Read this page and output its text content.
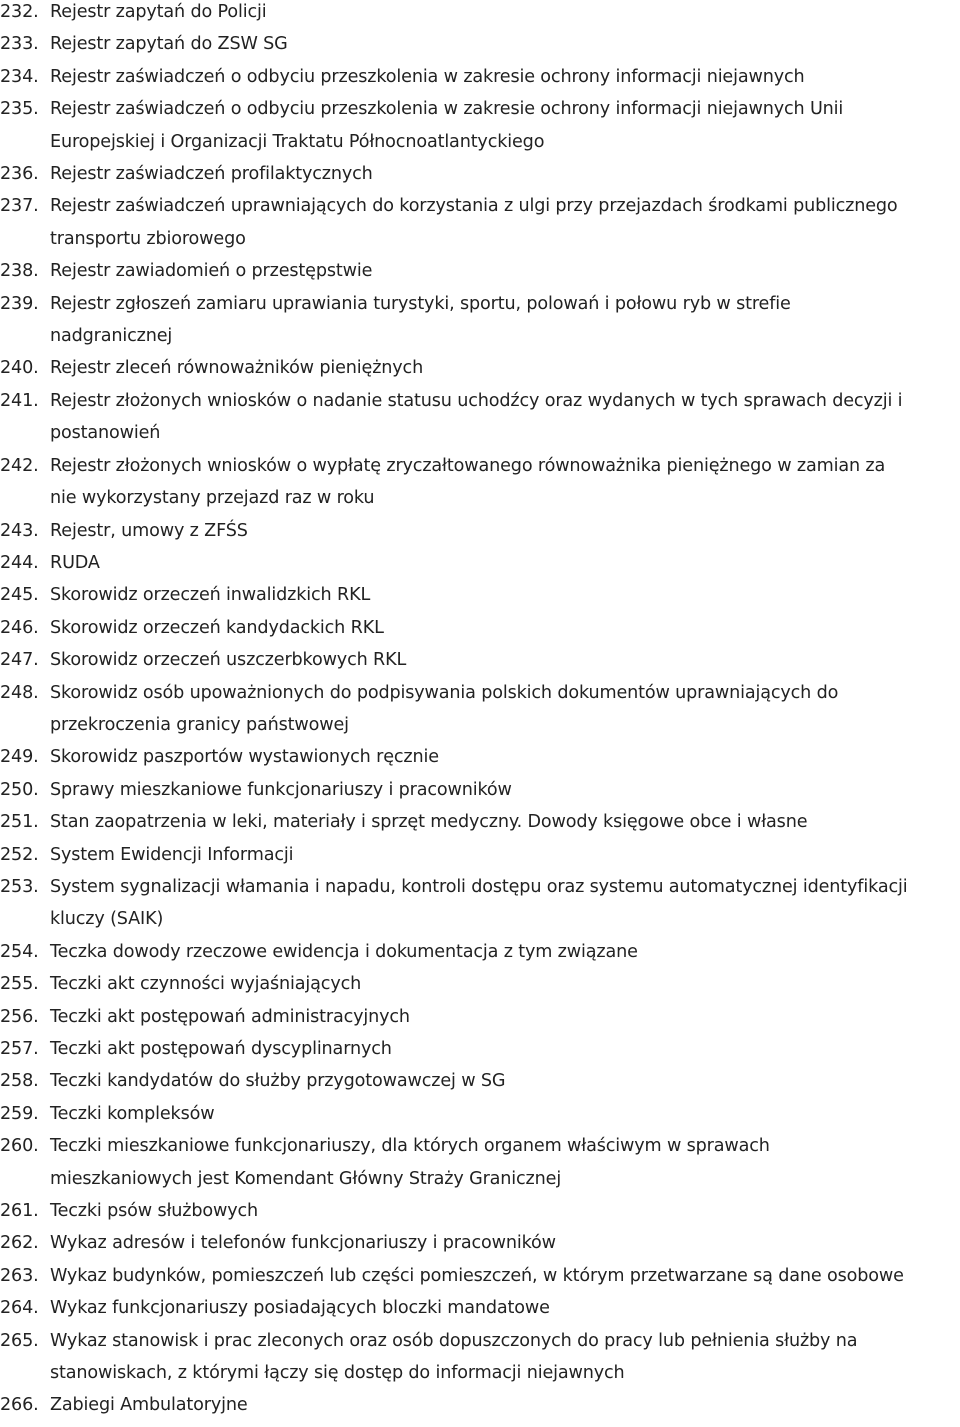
232. Rejestr zapytań do Policji
233. Rejestr zapytań do ZSW SG
234. Rejestr zaświadczeń o odbyciu przeszkolenia w zakresie ochrony informacji niejawnych
235. Rejestr zaświadczeń o odbyciu przeszkolenia w zakresie ochrony informacji niejawnych Unii
Europejskiej i Organizacji Traktatu Północnoatlantyckiego
236. Rejestr zaświadczeń profilaktycznych
237. Rejestr zaświadczeń uprawniających do korzystania z ulgi przy przejazdach środkami publicznego
transportu zbiorowego
238. Rejestr zawiadomień o przestępstwie
239. Rejestr zgłoszeń zamiaru uprawiania turystyki, sportu, polowań i połowu ryb w strefie
nadgranicznej
240. Rejestr zleceń równoważników pieniężnych
241. Rejestr złożonych wniosków o nadanie statusu uchodźcy oraz wydanych w tych sprawach decyzji i
postanowień
242. Rejestr złożonych wniosków o wypłatę zryczałtowanego równoważnika pieniężnego w zamian za
nie wykorzystany przejazd raz w roku
243. Rejestr, umowy z ZFŚS
244. RUDA
245. Skorowidz orzeczeń inwalidzkich RKL
246. Skorowidz orzeczeń kandydackich RKL
247. Skorowidz orzeczeń uszczerbkowych RKL
248. Skorowidz osób upoważnionych do podpisywania polskich dokumentów uprawniających do
przekroczenia granicy państwowej
249. Skorowidz paszportów wystawionych ręcznie
250. Sprawy mieszkaniowe funkcjonariuszy i pracowników
251. Stan zaopatrzenia w leki, materiały i sprzęt medyczny. Dowody księgowe obce i własne
252. System Ewidencji Informacji
253. System sygnalizacji włamania i napadu, kontroli dostępu oraz systemu automatycznej identyfikacji
kluczy (SAIK)
254. Teczka dowody rzeczowe ewidencja i dokumentacja z tym związane
255. Teczki akt czynności wyjaśniających
256. Teczki akt postępowań administracyjnych
257. Teczki akt postępowań dyscyplinarnych
258. Teczki kandydatów do służby przygotowawczej w SG
259. Teczki kompleksów
260. Teczki mieszkaniowe funkcjonariuszy, dla których organem właściwym w sprawach
mieszkaniowych jest Komendant Główny Straży Granicznej
261. Teczki psów służbowych
262. Wykaz adresów i telefonów funkcjonariuszy i pracowników
263. Wykaz budynków, pomieszczeń lub części pomieszczeń, w którym przetwarzane są dane osobowe
264. Wykaz funkcjonariuszy posiadających bloczki mandatowe
265. Wykaz stanowisk i prac zleconych oraz osób dopuszczonych do pracy lub pełnienia służby na
stanowiskach, z którymi łączy się dostęp do informacji niejawnych
266. Zabiegi Ambulatoryjne
